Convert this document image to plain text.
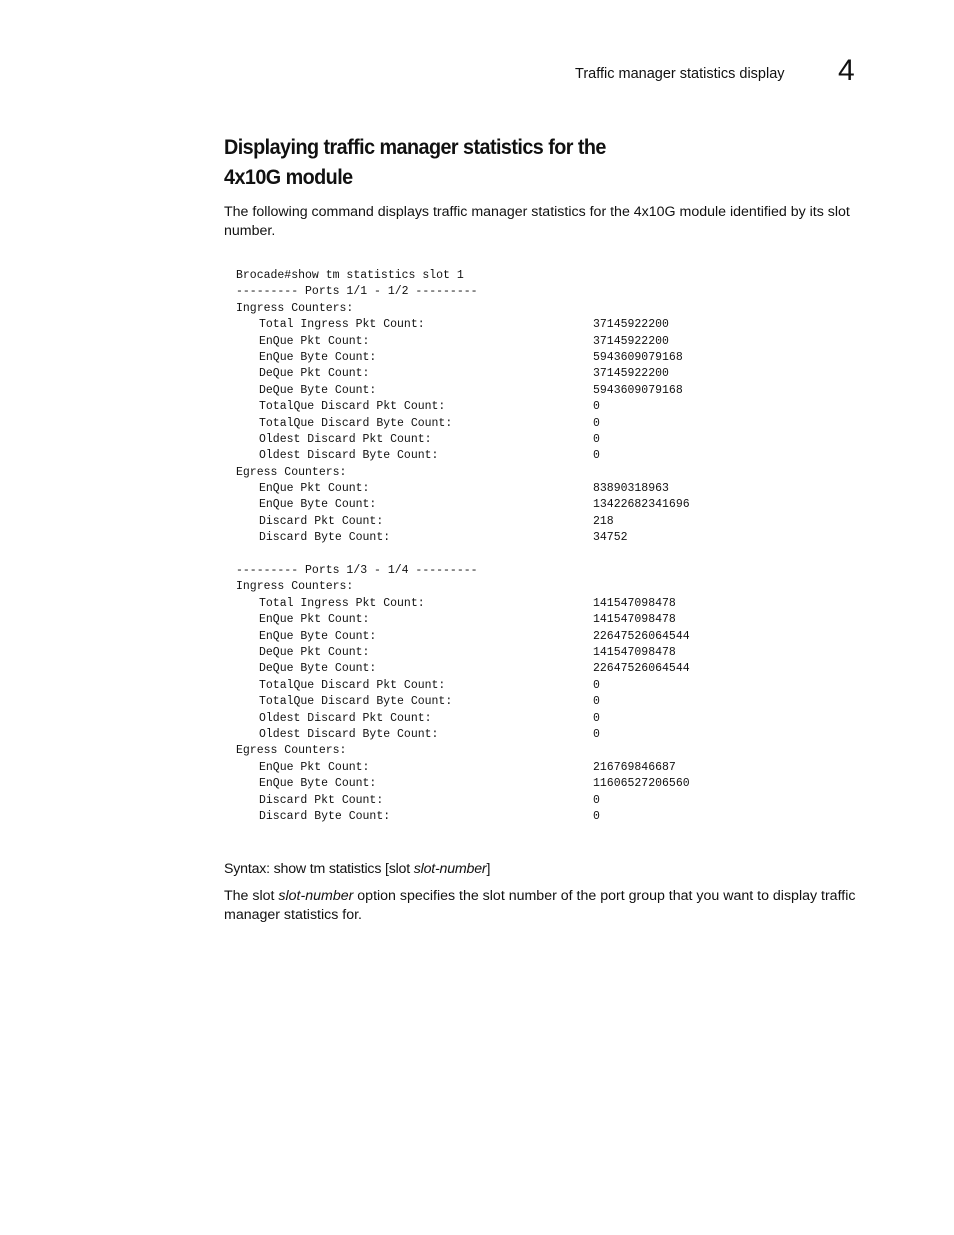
Traffic manager statistics display 4
Displaying traffic manager statistics for the
4x10G module

The following command displays traffic manager statistics for the 4x10G module identified by its slot number.

Brocade#show tm statistics slot 1
--------- Ports 1/1 - 1/2 ---------
Ingress Counters:
Total Ingress Pkt Count:	37145922200
EnQue Pkt Count:	37145922200
EnQue Byte Count:	5943609079168
DeQue Pkt Count:	37145922200
DeQue Byte Count:	5943609079168
TotalQue Discard Pkt Count:	0
TotalQue Discard Byte Count:	0
Oldest Discard Pkt Count:	0
Oldest Discard Byte Count:	0
Egress Counters:
EnQue Pkt Count:	83890318963
EnQue Byte Count:	13422682341696
Discard Pkt Count:	218
Discard Byte Count:	34752
--------- Ports 1/3 - 1/4 ---------
Ingress Counters:
Total Ingress Pkt Count:	141547098478
EnQue Pkt Count:	141547098478
EnQue Byte Count:	22647526064544
DeQue Pkt Count:	141547098478
DeQue Byte Count:	22647526064544
TotalQue Discard Pkt Count:	0
TotalQue Discard Byte Count:	0
Oldest Discard Pkt Count:	0
Oldest Discard Byte Count:	0
Egress Counters:
EnQue Pkt Count:	216769846687
EnQue Byte Count:	11606527206560
Discard Pkt Count:	0
Discard Byte Count:	0

Syntax: show tm statistics [slot slot-number]

The slot slot-number option specifies the slot number of the port group that you want to display traffic manager statistics for.
